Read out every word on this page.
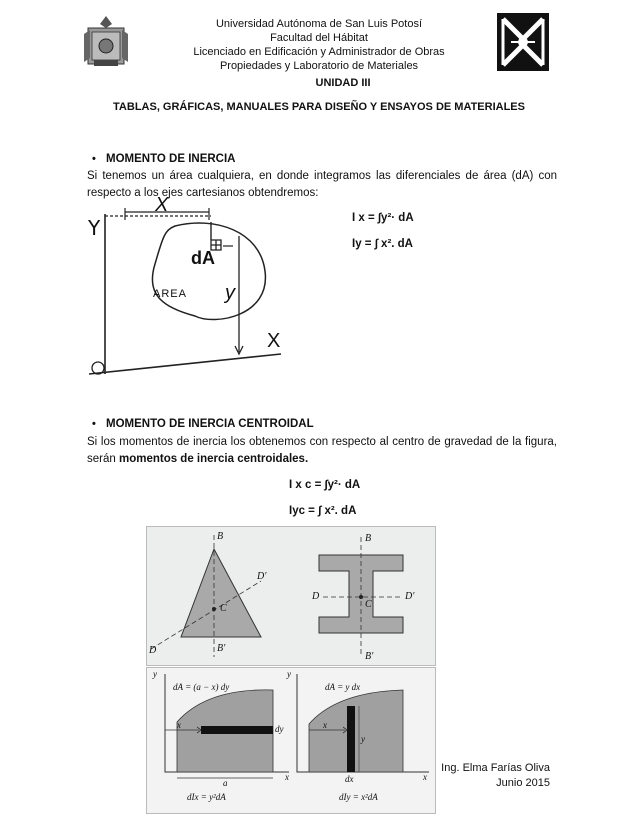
Universidad Autónoma de San Luis Potosí
Facultad del Hábitat
Licenciado en Edificación y Administrador de Obras
Propiedades y Laboratorio de Materiales
UNIDAD III
TABLAS, GRÁFICAS, MANUALES PARA DISEÑO Y ENSAYOS DE MATERIALES
• MOMENTO DE INERCIA
Si tenemos un área cualquiera, en donde integramos las diferenciales de área (dA) con respecto a los ejes cartesianos obtendremos:
I x = ∫y²· dA
Iy = ∫ x². dA
Y
X
X
dA
AREA y
• MOMENTO DE INERCIA CENTROIDAL
Si los momentos de inercia los obtenemos con respecto al centro de gravedad de la figura, serán momentos de inercia centroidales.
I x c = ∫y²· dA
Iyc = ∫ x². dA
B
B′
C
D
D′
B
B′
C
D	D′
y
dA = (a − x) dy
x	dy
a
x
dIx = y²dA
y
dA = y dx
x
y
dx	x
dIy = x²dA
Ing. Elma Farías Oliva
Junio 2015
